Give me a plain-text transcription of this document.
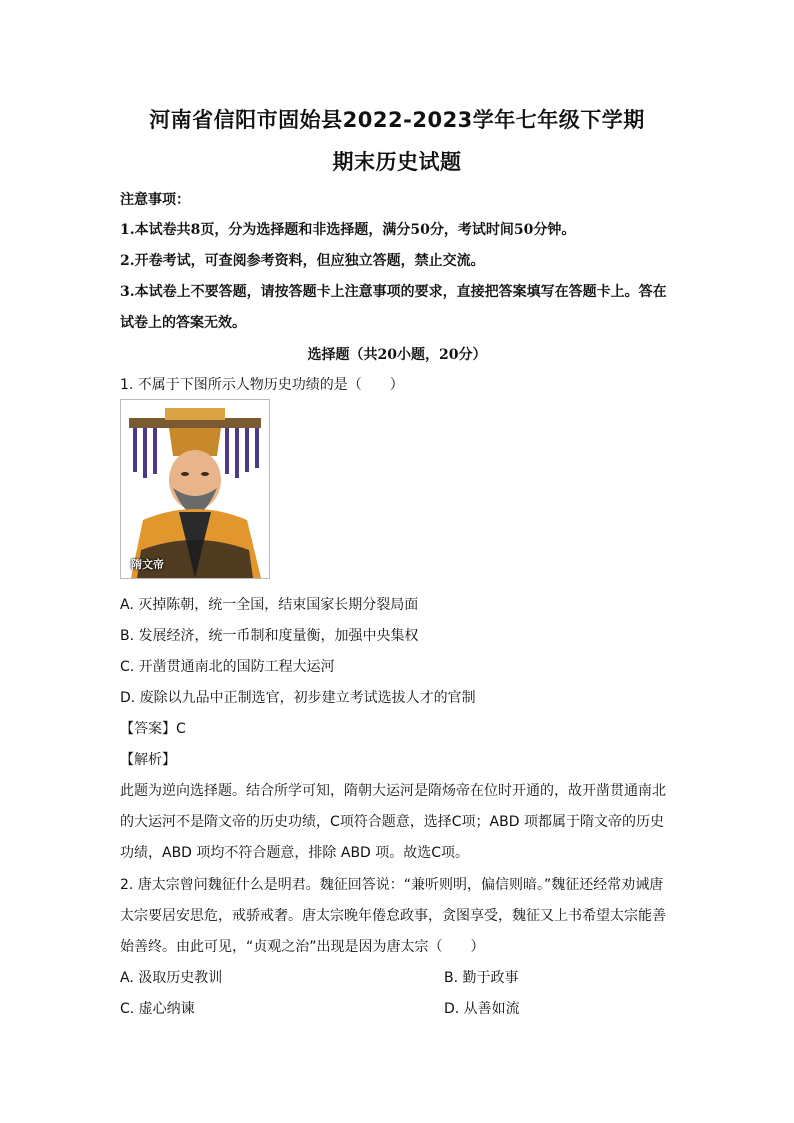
河南省信阳市固始县2022-2023学年七年级下学期
期末历史试题
注意事项：
1.本试卷共8页，分为选择题和非选择题，满分50分，考试时间50分钟。
2.开卷考试，可查阅参考资料，但应独立答题，禁止交流。
3.本试卷上不要答题，请按答题卡上注意事项的要求，直接把答案填写在答题卡上。答在
试卷上的答案无效。
选择题（共20小题，20分）
1. 不属于下图所示人物历史功绩的是（　　）
隋文帝
A. 灭掉陈朝，统一全国，结束国家长期分裂局面
B. 发展经济，统一币制和度量衡，加强中央集权
C. 开凿贯通南北的国防工程大运河
D. 废除以九品中正制选官，初步建立考试选拔人才的官制
【答案】C
【解析】
此题为逆向选择题。结合所学可知，隋朝大运河是隋炀帝在位时开通的，故开凿贯通南北
的大运河不是隋文帝的历史功绩，C项符合题意，选择C项；ABD 项都属于隋文帝的历史
功绩，ABD 项均不符合题意，排除 ABD 项。故选C项。
2. 唐太宗曾问魏征什么是明君。魏征回答说：“兼听则明，偏信则暗。”魏征还经常劝诫唐
太宗要居安思危，戒骄戒奢。唐太宗晚年倦怠政事，贪图享受，魏征又上书希望太宗能善
始善终。由此可见，“贞观之治”出现是因为唐太宗（　　）
A. 汲取历史教训	B. 勤于政事
C. 虚心纳谏	D. 从善如流
